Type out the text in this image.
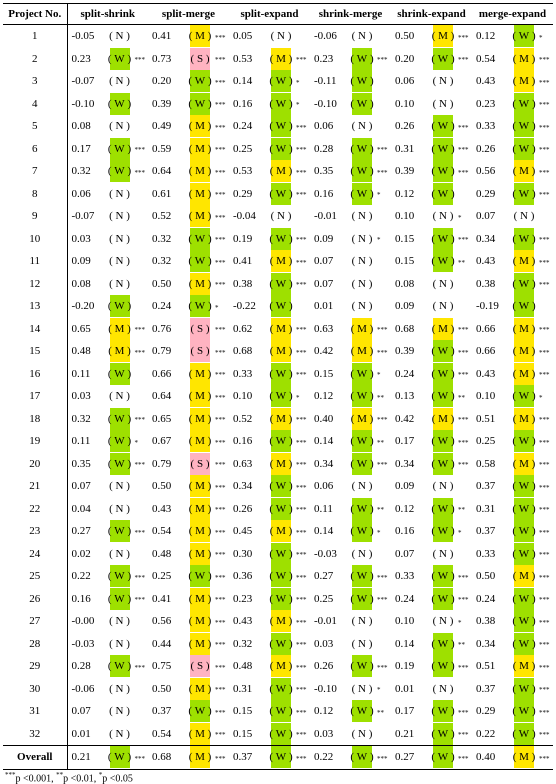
Project No.	split-shrink	split-merge	split-expand	shrink-merge	shrink-expand	merge-expand
1	-0.05 ( N )	0.41 ( M ) ***	0.05 ( N )	-0.06 ( N )	0.50 ( M ) ***	0.12 ( W ) *

2	0.23 ( W ) ***	0.73 ( S ) ***	0.53 ( M ) ***	0.23 ( W ) ***	0.20 ( W ) ***	0.54 ( M ) ***

3	-0.07 ( N )	0.20 ( W ) ***	0.14 ( W ) *	-0.11 ( W )	0.06 ( N )	0.43 ( M ) ***

4	-0.10 ( W )	0.39 ( W ) ***	0.16 ( W ) *	-0.10 ( W )	0.10 ( N )	0.23 ( W ) ***

5	0.08 ( N )	0.49 ( M ) ***	0.24 ( W ) ***	0.06 ( N )	0.26 ( W ) ***	0.33 ( W ) ***

6	0.17 ( W ) ***	0.59 ( M ) ***	0.25 ( W ) ***	0.28 ( W ) ***	0.31 ( W ) ***	0.26 ( W ) ***

7	0.32 ( W ) ***	0.64 ( M ) ***	0.53 ( M ) ***	0.35 ( W ) ***	0.39 ( W ) ***	0.56 ( M ) ***

8	0.06 ( N )	0.61 ( M ) ***	0.29 ( W ) ***	0.16 ( W ) *	0.12 ( W )	0.29 ( W ) ***

9	-0.07 ( N )	0.52 ( M ) ***	-0.04 ( N )	-0.01 ( N )	0.10 ( N ) *	0.07 ( N )

10	0.03 ( N )	0.32 ( W ) ***	0.19 ( W ) ***	0.09 ( N ) *	0.15 ( W ) ***	0.34 ( W ) ***

11	0.09 ( N )	0.32 ( W ) ***	0.41 ( M ) ***	0.07 ( N )	0.15 ( W ) **	0.43 ( M ) ***

12	0.08 ( N )	0.50 ( M ) ***	0.38 ( W ) ***	0.07 ( N )	0.08 ( N )	0.38 ( W ) ***

13	-0.20 ( W )	0.24 ( W ) *	-0.22 ( W )	0.01 ( N )	0.09 ( N )	-0.19 ( W )

14	0.65 ( M ) ***	0.76 ( S ) ***	0.62 ( M ) ***	0.63 ( M ) ***	0.68 ( M ) ***	0.66 ( M ) ***

15	0.48 ( M ) ***	0.79 ( S ) ***	0.68 ( M ) ***	0.42 ( M ) ***	0.39 ( W ) ***	0.66 ( M ) ***

16	0.11 ( W )	0.66 ( M ) ***	0.33 ( W ) ***	0.15 ( W ) *	0.24 ( W ) ***	0.43 ( M ) ***

17	0.03 ( N )	0.64 ( M ) ***	0.10 ( W ) *	0.12 ( W ) **	0.13 ( W ) **	0.10 ( W ) *

18	0.32 ( W ) ***	0.65 ( M ) ***	0.52 ( M ) ***	0.40 ( M ) ***	0.42 ( M ) ***	0.51 ( M ) ***

19	0.11 ( W ) *	0.67 ( M ) ***	0.16 ( W ) ***	0.14 ( W ) **	0.17 ( W ) ***	0.25 ( W ) ***

20	0.35 ( W ) ***	0.79 ( S ) ***	0.63 ( M ) ***	0.34 ( W ) ***	0.34 ( W ) ***	0.58 ( M ) ***

21	0.07 ( N )	0.50 ( M ) ***	0.34 ( W ) ***	0.06 ( N )	0.09 ( N )	0.37 ( W ) ***

22	0.04 ( N )	0.43 ( M ) ***	0.26 ( W ) ***	0.11 ( W ) **	0.12 ( W ) **	0.31 ( W ) ***

23	0.27 ( W ) ***	0.54 ( M ) ***	0.45 ( M ) ***	0.14 ( W ) *	0.16 ( W ) *	0.37 ( W ) ***

24	0.02 ( N )	0.48 ( M ) ***	0.30 ( W ) ***	-0.03 ( N )	0.07 ( N )	0.33 ( W ) ***

25	0.22 ( W ) ***	0.25 ( W ) ***	0.36 ( W ) ***	0.27 ( W ) ***	0.33 ( W ) ***	0.50 ( M ) ***

26	0.16 ( W ) ***	0.41 ( M ) ***	0.23 ( W ) ***	0.25 ( W ) ***	0.24 ( W ) ***	0.24 ( W ) ***

27	-0.00 ( N )	0.56 ( M ) ***	0.43 ( M ) ***	-0.01 ( N )	0.10 ( N ) *	0.38 ( W ) ***

28	-0.03 ( N )	0.44 ( M ) ***	0.32 ( W ) ***	0.03 ( N )	0.14 ( W ) **	0.34 ( W ) ***

29	0.28 ( W ) ***	0.75 ( S ) ***	0.48 ( M ) ***	0.26 ( W ) ***	0.19 ( W ) ***	0.51 ( M ) ***

30	-0.06 ( N )	0.50 ( M ) ***	0.31 ( W ) ***	-0.10 ( N ) *	0.01 ( N )	0.37 ( W ) ***

31	0.07 ( N )	0.37 ( W ) ***	0.15 ( W ) ***	0.12 ( W ) **	0.17 ( W ) ***	0.29 ( W ) ***

32	0.01 ( N )	0.54 ( M ) ***	0.15 ( W ) ***	0.03 ( N )	0.21 ( W ) ***	0.22 ( W ) ***

Overall	0.21 ( W ) ***	0.68 ( M ) ***	0.37 ( W ) ***	0.22 ( W ) ***	0.27 ( W ) ***	0.40 ( M ) ***
***p <0.001, **p <0.01, *p <0.05
